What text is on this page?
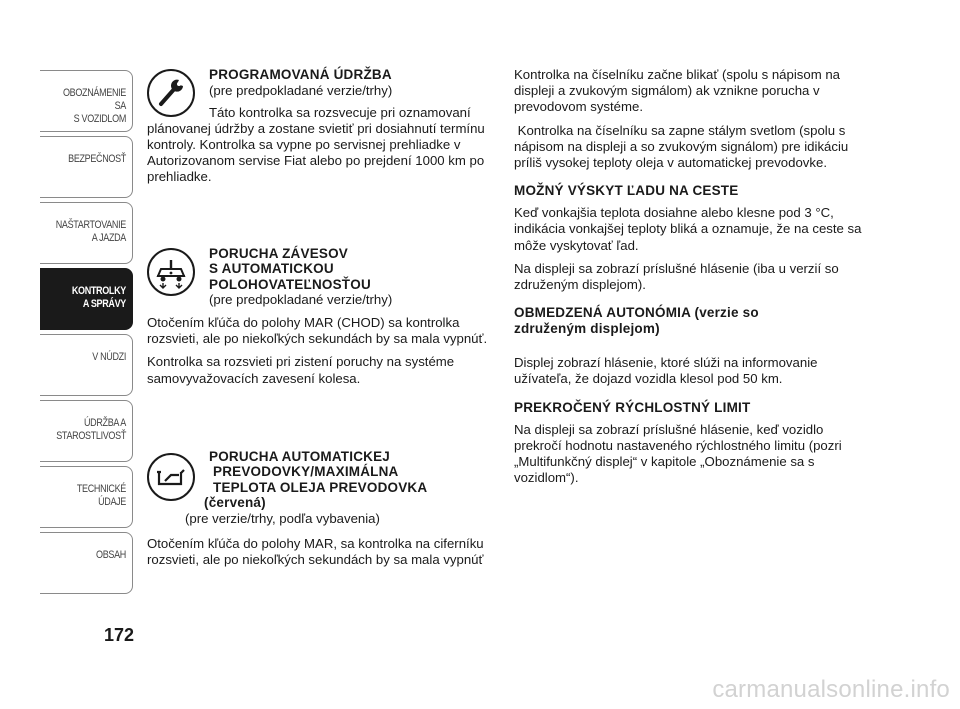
OBOZNÁMENIE SA
S VOZIDLOM
BEZPEČNOSŤ
NAŠTARTOVANIE
A JAZDA
KONTROLKY
A SPRÁVY
V NÚDZI
ÚDRŽBA A
STAROSTLIVOSŤ
TECHNICKÉ
ÚDAJE
OBSAH
172
PROGRAMOVANÁ ÚDRŽBA
(pre predpokladané verzie/trhy)

Táto kontrolka sa rozsvecuje pri oznamovaní plánovanej údržby a zostane svietiť pri dosiahnutí termínu kontroly. Kontrolka sa vypne po servisnej prehliadke v Autorizovanom servise Fiat alebo po prejdení 1000 km po prehliadke.

PORUCHA ZÁVESOV
S AUTOMATICKOU
POLOHOVATEĽNOSŤOU
(pre predpokladané verzie/trhy)

Otočením kľúča do polohy MAR (CHOD) sa kontrolka rozsvieti, ale po niekoľkých sekundách by sa mala vypnúť.

Kontrolka sa rozsvieti pri zistení poruchy na systéme samovyvažovacích zavesení kolesa.

PORUCHA AUTOMATICKEJ
PREVODOVKY/MAXIMÁLNA
TEPLOTA OLEJA PREVODOVKA
(červená)
(pre verzie/trhy, podľa vybavenia)

Otočením kľúča do polohy MAR, sa kontrolka na ciferníku rozsvieti, ale po niekoľkých sekundách by sa mala vypnúť

Kontrolka na číselníku začne blikať (spolu s nápisom na displeji a zvukovým sigmálom) ak vznikne porucha v prevodovom systéme.

Kontrolka na číselníku sa zapne stálym svetlom (spolu s nápisom na displeji a so zvukovým signálom) pre idikáciu príliš vysokej teploty oleja v automatickej prevodovke.

MOŽNÝ VÝSKYT ĽADU NA CESTE

Keď vonkajšia teplota dosiahne alebo klesne pod 3 °C, indikácia vonkajšej teploty bliká a oznamuje, že na ceste sa môže vyskytovať ľad.

Na displeji sa zobrazí príslušné hlásenie (iba u verzií so združeným displejom).

OBMEDZENÁ AUTONÓMIA (verzie so združeným displejom)

Displej zobrazí hlásenie, ktoré slúži na informovanie užívateľa, že dojazd vozidla klesol pod 50 km.

PREKROČENÝ RÝCHLOSTNÝ LIMIT

Na displeji sa zobrazí príslušné hlásenie, keď vozidlo prekročí hodnotu nastaveného rýchlostného limitu (pozri „Multifunkčný displej“ v kapitole „Oboznámenie sa s vozidlom“).

carmanualsonline.info
